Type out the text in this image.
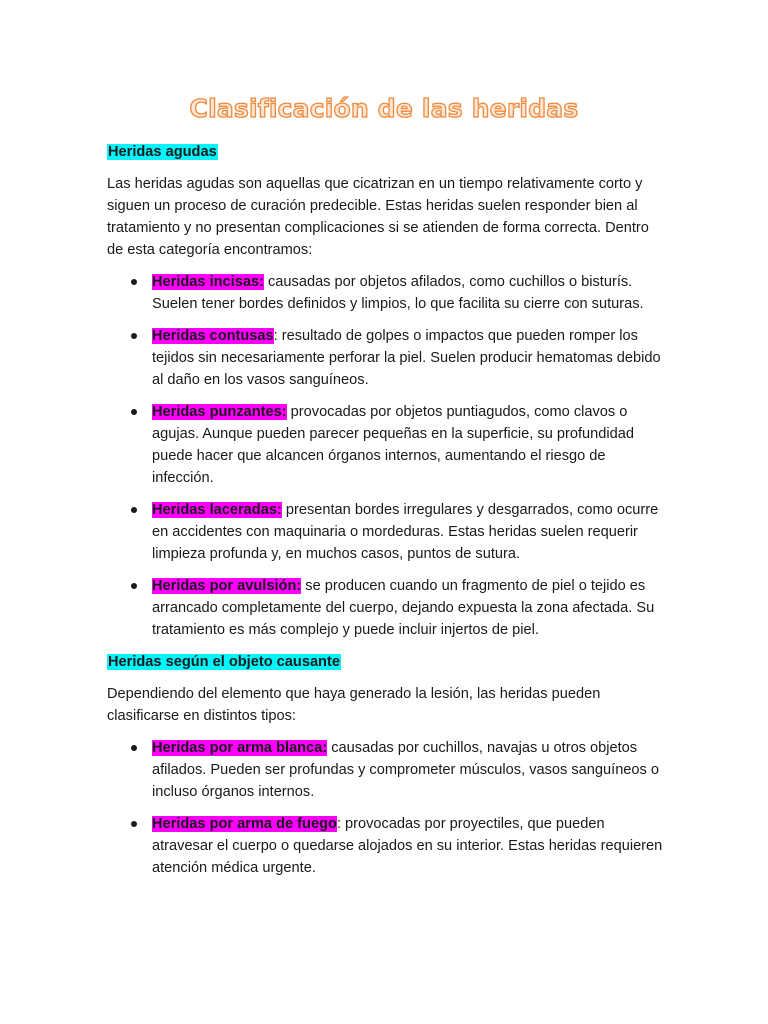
Clasificación de las heridas
Heridas agudas

Las heridas agudas son aquellas que cicatrizan en un tiempo relativamente corto y siguen un proceso de curación predecible. Estas heridas suelen responder bien al tratamiento y no presentan complicaciones si se atienden de forma correcta. Dentro de esta categoría encontramos:

Heridas incisas: causadas por objetos afilados, como cuchillos o bisturís. Suelen tener bordes definidos y limpios, lo que facilita su cierre con suturas.
Heridas contusas: resultado de golpes o impactos que pueden romper los tejidos sin necesariamente perforar la piel. Suelen producir hematomas debido al daño en los vasos sanguíneos.
Heridas punzantes: provocadas por objetos puntiagudos, como clavos o agujas. Aunque pueden parecer pequeñas en la superficie, su profundidad puede hacer que alcancen órganos internos, aumentando el riesgo de infección.
Heridas laceradas: presentan bordes irregulares y desgarrados, como ocurre en accidentes con maquinaria o mordeduras. Estas heridas suelen requerir limpieza profunda y, en muchos casos, puntos de sutura.
Heridas por avulsión: se producen cuando un fragmento de piel o tejido es arrancado completamente del cuerpo, dejando expuesta la zona afectada. Su tratamiento es más complejo y puede incluir injertos de piel.
Heridas según el objeto causante

Dependiendo del elemento que haya generado la lesión, las heridas pueden clasificarse en distintos tipos:

Heridas por arma blanca: causadas por cuchillos, navajas u otros objetos afilados. Pueden ser profundas y comprometer músculos, vasos sanguíneos o incluso órganos internos.
Heridas por arma de fuego: provocadas por proyectiles, que pueden atravesar el cuerpo o quedarse alojados en su interior. Estas heridas requieren atención médica urgente.
